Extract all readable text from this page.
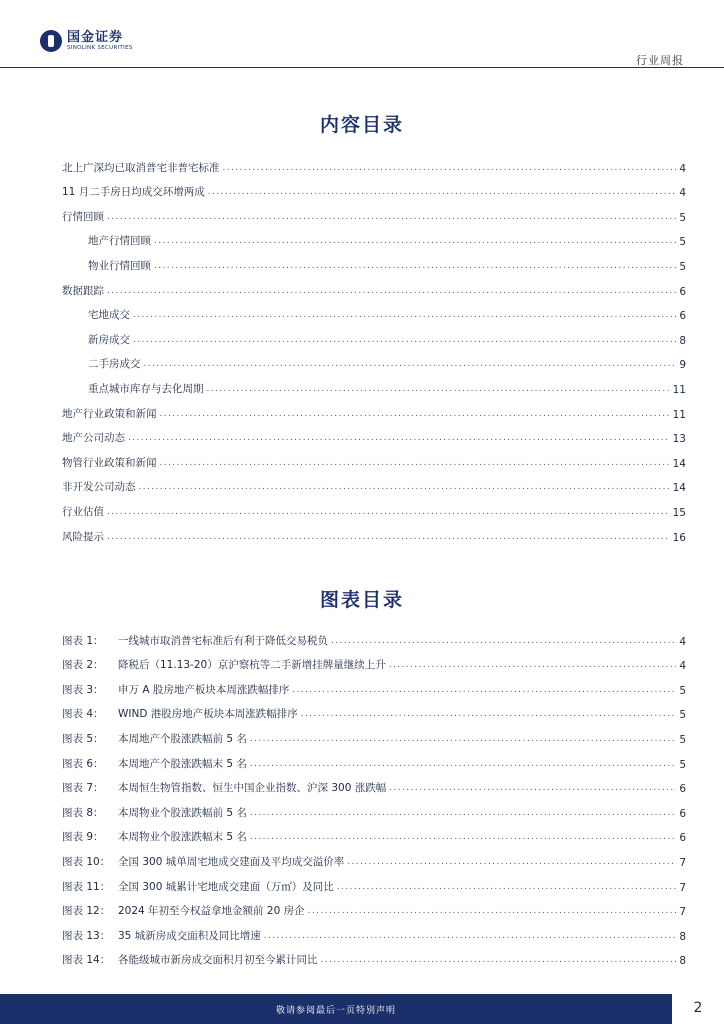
国金证券
SINOLINK SECURITIES
行业周报
内容目录
北上广深均已取消普宅非普宅标准 .....	4
11 月二手房日均成交环增两成 .....	4
行情回顾 .....	5
地产行情回顾 .....	5
物业行情回顾 .....	5
数据跟踪 .....	6
宅地成交 .....	6
新房成交 .....	8
二手房成交 .....	9
重点城市库存与去化周期 .....	11
地产行业政策和新闻 .....	11
地产公司动态 .....	13
物管行业政策和新闻 .....	14
非开发公司动态 .....	14
行业估值 .....	15
风险提示 .....	16
图表目录
图表 1：	一线城市取消普宅标准后有利于降低交易税负 .....	4
图表 2：	降税后（11.13-20）京沪察杭等二手新增挂牌量继续上升 .....	4
图表 3：	申万 A 股房地产板块本周涨跌幅排序 .....	5
图表 4：	WIND 港股房地产板块本周涨跌幅排序 .....	5
图表 5：	本周地产个股涨跌幅前 5 名 .....	5
图表 6：	本周地产个股涨跌幅末 5 名 .....	5
图表 7：	本周恒生物管指数、恒生中国企业指数、沪深 300 涨跌幅 .....	6
图表 8：	本周物业个股涨跌幅前 5 名 .....	6
图表 9：	本周物业个股涨跌幅末 5 名 .....	6
图表 10： 全国 300 城单周宅地成交建面及平均成交溢价率 .....	7
图表 11： 全国 300 城累计宅地成交建面（万㎡）及同比 .....	7
图表 12： 2024 年初至今权益拿地金额前 20 房企 .....	7
图表 13： 35 城新房成交面积及同比增速 .....	8
图表 14： 各能级城市新房成交面积月初至今累计同比 .....	8
敬请参阅最后一页特别声明	2
